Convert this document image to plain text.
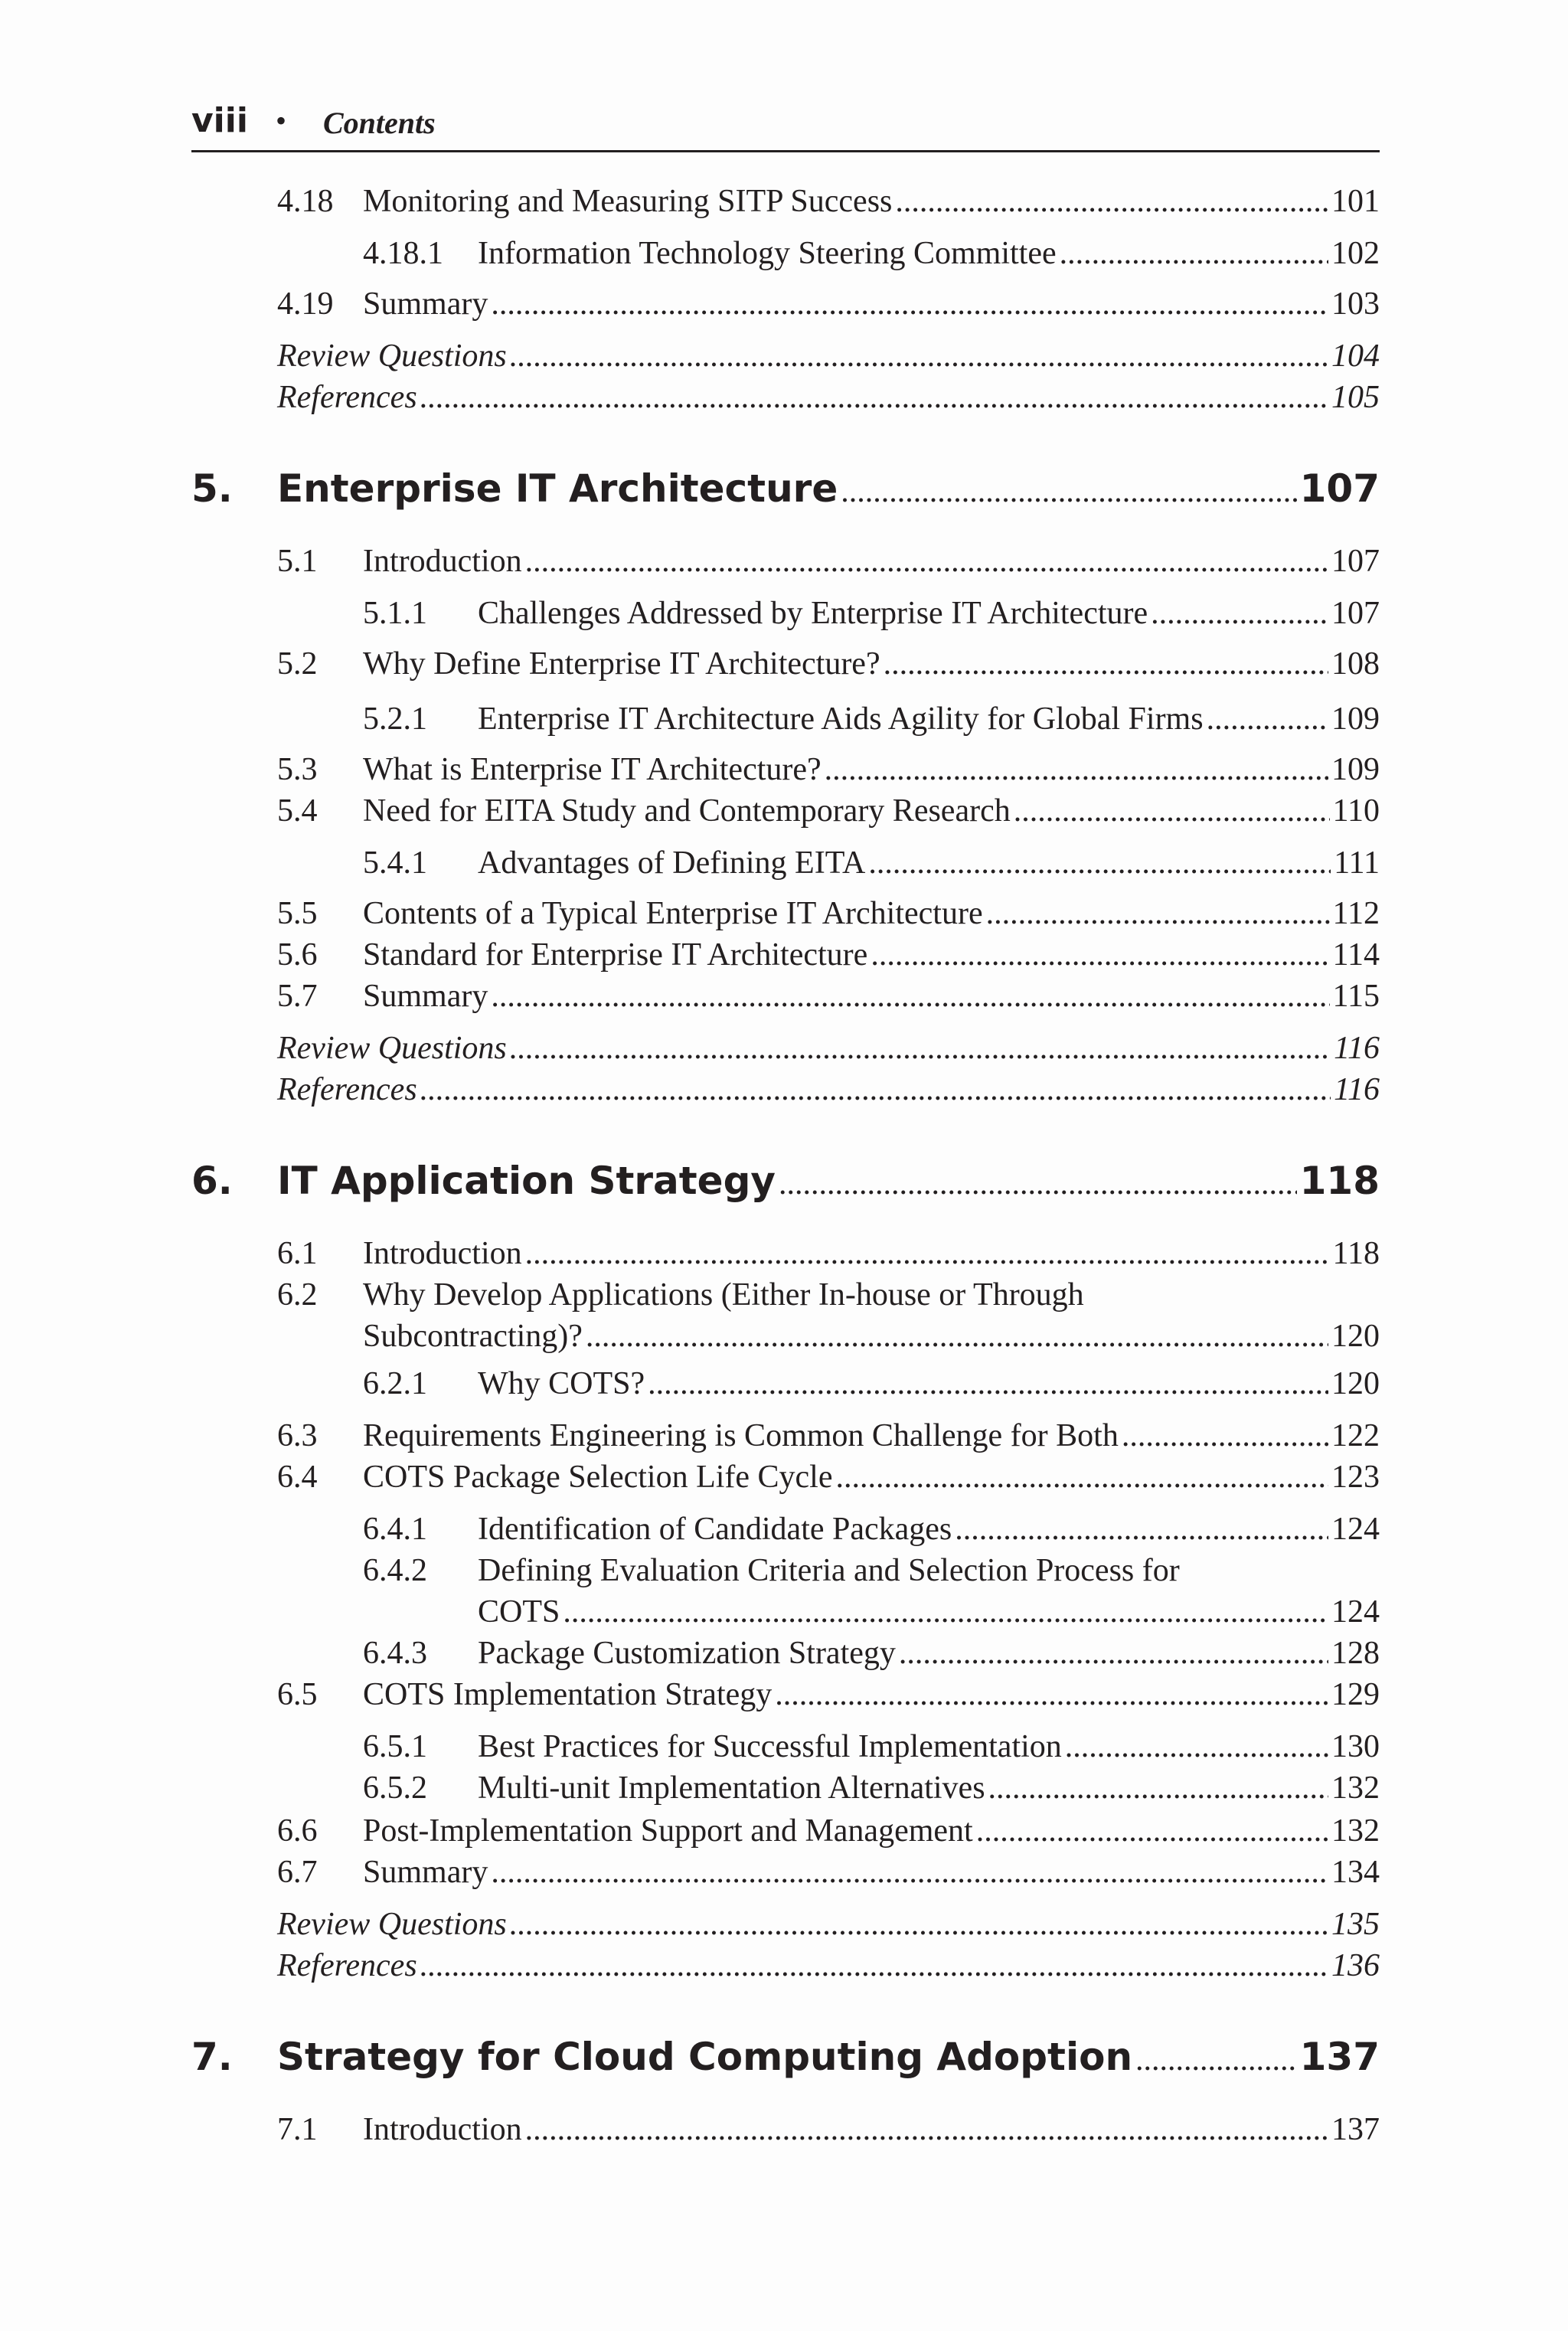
viii • Contents
4.18 Monitoring and Measuring SITP Success .....	101
4.18.1 Information Technology Steering Committee .....	102
4.19 Summary .....	103
Review Questions .....	104
References .....	105
5. Enterprise IT Architecture .....	107
5.1 Introduction .....	107
5.1.1 Challenges Addressed by Enterprise IT Architecture .....	107
5.2 Why Define Enterprise IT Architecture? .....	108
5.2.1 Enterprise IT Architecture Aids Agility for Global Firms .....	109
5.3 What is Enterprise IT Architecture? .....	109
5.4 Need for EITA Study and Contemporary Research .....	110
5.4.1 Advantages of Defining EITA .....	111
5.5 Contents of a Typical Enterprise IT Architecture .....	112
5.6 Standard for Enterprise IT Architecture .....	114
5.7 Summary .....	115
Review Questions .....	116
References .....	116
6. IT Application Strategy .....	118
6.1 Introduction .....	118
6.2 Why Develop Applications (Either In-house or Through
Subcontracting)? .....	120
6.2.1 Why COTS? .....	120
6.3 Requirements Engineering is Common Challenge for Both .....	122
6.4 COTS Package Selection Life Cycle .....	123
6.4.1 Identification of Candidate Packages .....	124
6.4.2 Defining Evaluation Criteria and Selection Process for
COTS .....	124
6.4.3 Package Customization Strategy .....	128
6.5 COTS Implementation Strategy .....	129
6.5.1 Best Practices for Successful Implementation .....	130
6.5.2 Multi-unit Implementation Alternatives .....	132
6.6 Post-Implementation Support and Management .....	132
6.7 Summary .....	134
Review Questions .....	135
References .....	136
7. Strategy for Cloud Computing Adoption .....	137
7.1 Introduction .....	137
